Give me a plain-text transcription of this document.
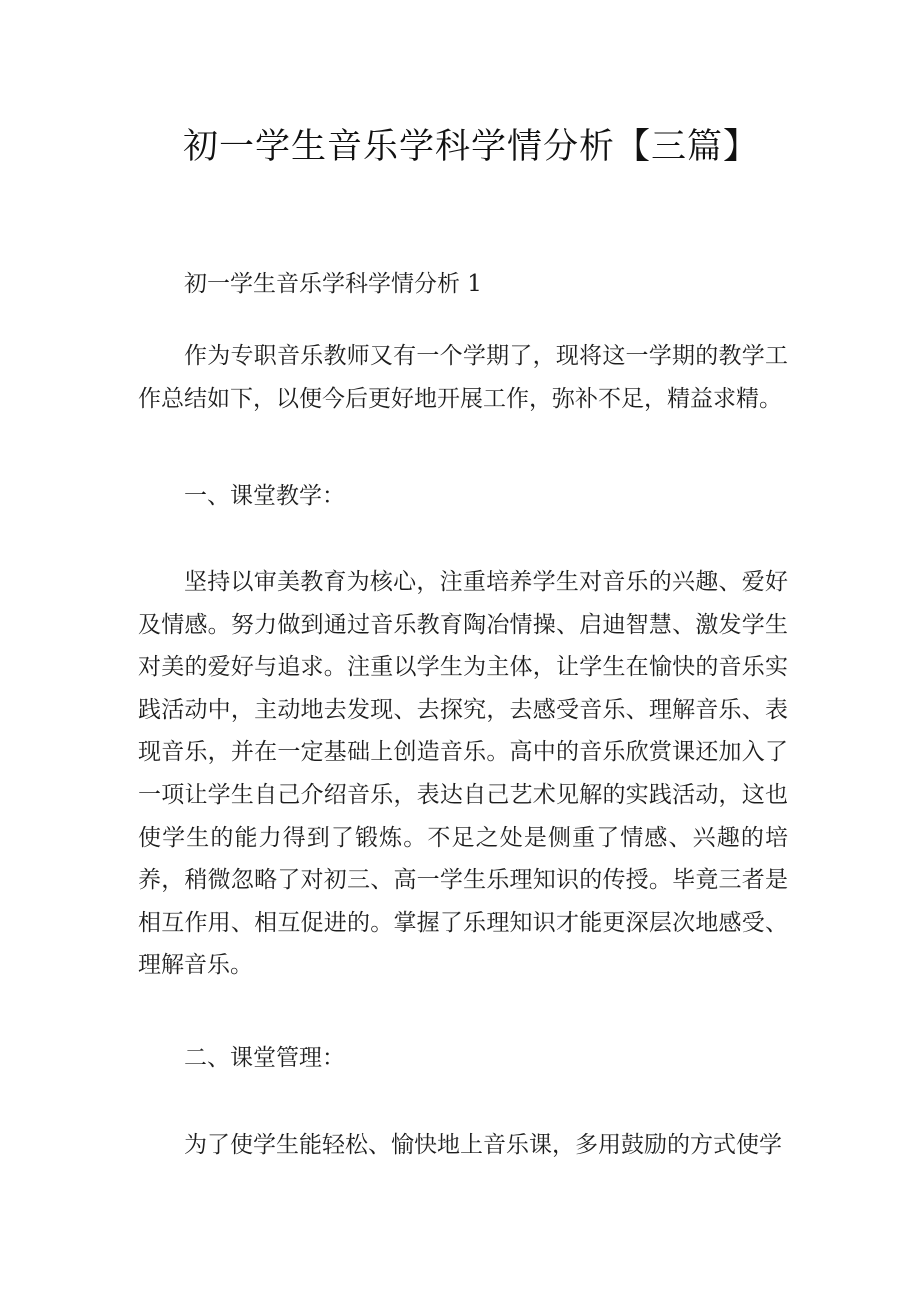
初一学生音乐学科学情分析【三篇】

初一学生音乐学科学情分析 1

作为专职音乐教师又有一个学期了，现将这一学期的教学工作总结如下，以便今后更好地开展工作，弥补不足，精益求精。

一、课堂教学：

坚持以审美教育为核心，注重培养学生对音乐的兴趣、爱好及情感。努力做到通过音乐教育陶冶情操、启迪智慧、激发学生对美的爱好与追求。注重以学生为主体，让学生在愉快的音乐实践活动中，主动地去发现、去探究，去感受音乐、理解音乐、表现音乐，并在一定基础上创造音乐。高中的音乐欣赏课还加入了一项让学生自己介绍音乐，表达自己艺术见解的实践活动，这也使学生的能力得到了锻炼。不足之处是侧重了情感、兴趣的培养，稍微忽略了对初三、高一学生乐理知识的传授。毕竟三者是相互作用、相互促进的。掌握了乐理知识才能更深层次地感受、理解音乐。

二、课堂管理：

为了使学生能轻松、愉快地上音乐课，多用鼓励的方式使学
